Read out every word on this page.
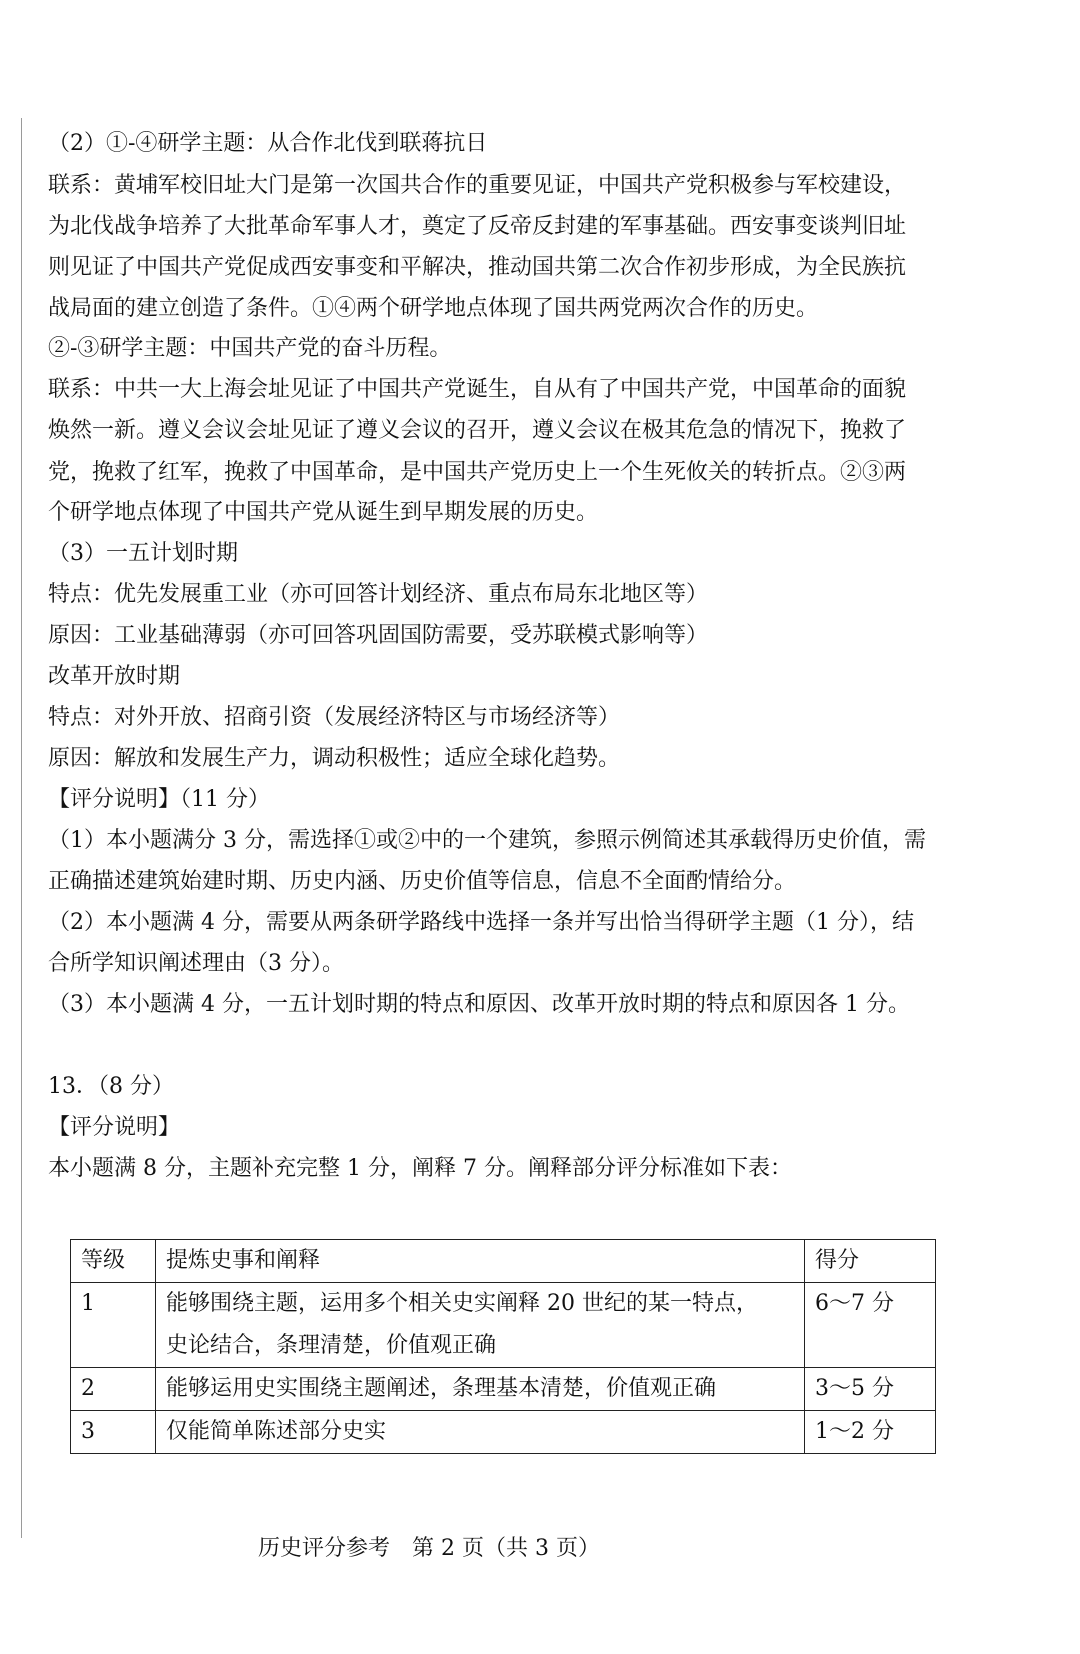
（2）①-④研学主题：从合作北伐到联蒋抗日
联系：黄埔军校旧址大门是第一次国共合作的重要见证，中国共产党积极参与军校建设，
为北伐战争培养了大批革命军事人才，奠定了反帝反封建的军事基础。西安事变谈判旧址
则见证了中国共产党促成西安事变和平解决，推动国共第二次合作初步形成，为全民族抗
战局面的建立创造了条件。①④两个研学地点体现了国共两党两次合作的历史。
②-③研学主题：中国共产党的奋斗历程。
联系：中共一大上海会址见证了中国共产党诞生，自从有了中国共产党，中国革命的面貌
焕然一新。遵义会议会址见证了遵义会议的召开，遵义会议在极其危急的情况下，挽救了
党，挽救了红军，挽救了中国革命，是中国共产党历史上一个生死攸关的转折点。②③两
个研学地点体现了中国共产党从诞生到早期发展的历史。
（3）一五计划时期
特点：优先发展重工业（亦可回答计划经济、重点布局东北地区等）
原因：工业基础薄弱（亦可回答巩固国防需要，受苏联模式影响等）
改革开放时期
特点：对外开放、招商引资（发展经济特区与市场经济等）
原因：解放和发展生产力，调动积极性；适应全球化趋势。
【评分说明】（11 分）
（1）本小题满分 3 分，需选择①或②中的一个建筑，参照示例简述其承载得历史价值，需
正确描述建筑始建时期、历史内涵、历史价值等信息，信息不全面酌情给分。
（2）本小题满 4 分，需要从两条研学路线中选择一条并写出恰当得研学主题（1 分），结
合所学知识阐述理由（3 分）。
（3）本小题满 4 分，一五计划时期的特点和原因、改革开放时期的特点和原因各 1 分。
13．（8 分）
【评分说明】
本小题满 8 分，主题补充完整 1 分，阐释 7 分。阐释部分评分标准如下表：
等级	提炼史事和阐释	得分
1	能够围绕主题，运用多个相关史实阐释 20 世纪的某一特点，
史论结合，条理清楚，价值观正确	6～7 分
2	能够运用史实围绕主题阐述，条理基本清楚，价值观正确	3～5 分
3	仅能简单陈述部分史实	1～2 分
历史评分参考　第 2 页（共 3 页）
